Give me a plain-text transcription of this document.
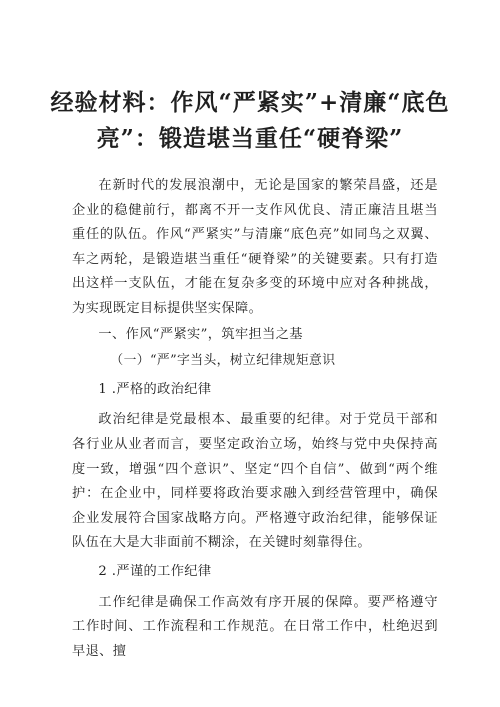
经验材料：作风“严紧实”+清廉“底色
亮”：锻造堪当重任“硬脊梁”

在新时代的发展浪潮中，无论是国家的繁荣昌盛，还是企业的稳健前行，都离不开一支作风优良、清正廉洁且堪当重任的队伍。作风“严紧实”与清廉“底色亮”如同鸟之双翼、车之两轮，是锻造堪当重任“硬脊梁”的关键要素。只有打造出这样一支队伍，才能在复杂多变的环境中应对各种挑战，为实现既定目标提供坚实保障。

一、作风“严紧实”，筑牢担当之基

（一）“严”字当头，树立纪律规矩意识

1 .严格的政治纪律

政治纪律是党最根本、最重要的纪律。对于党员干部和各行业从业者而言，要坚定政治立场，始终与党中央保持高度一致，增强“四个意识”、坚定“四个自信”、做到“两个维护：在企业中，同样要将政治要求融入到经营管理中，确保企业发展符合国家战略方向。严格遵守政治纪律，能够保证队伍在大是大非面前不糊涂，在关键时刻靠得住。

2 .严谨的工作纪律

工作纪律是确保工作高效有序开展的保障。要严格遵守工作时间、工作流程和工作规范。在日常工作中，杜绝迟到早退、擅
